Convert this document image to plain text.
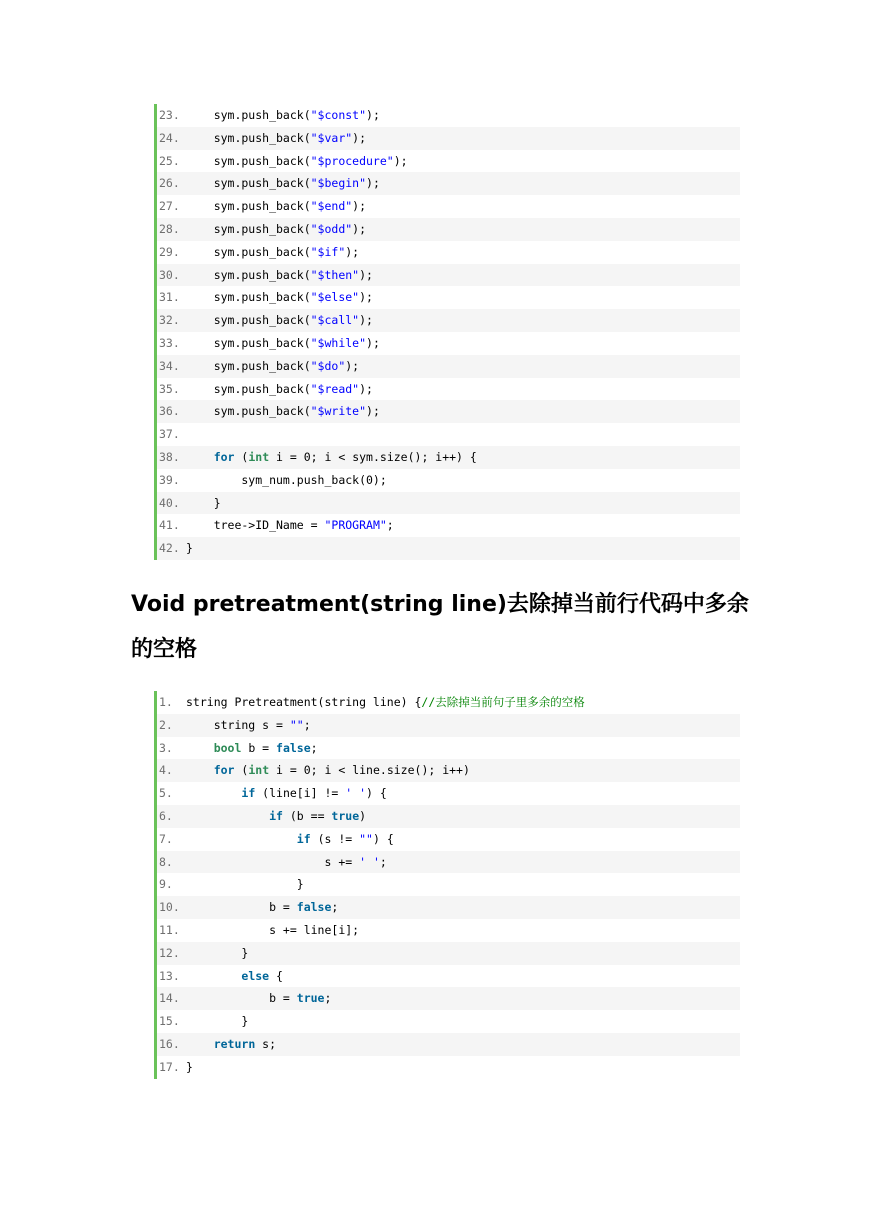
23. sym.push_back("$const");
24. sym.push_back("$var");
25. sym.push_back("$procedure");
26. sym.push_back("$begin");
27. sym.push_back("$end");
28. sym.push_back("$odd");
29. sym.push_back("$if");
30. sym.push_back("$then");
31. sym.push_back("$else");
32. sym.push_back("$call");
33. sym.push_back("$while");
34. sym.push_back("$do");
35. sym.push_back("$read");
36. sym.push_back("$write");
37.
38.	for (int i = 0; i < sym.size(); i++) {
39. sym_num.push_back(0);
40. }
41. tree->ID_Name = "PROGRAM";
42. }
Void pretreatment(string line)去除掉当前行代码中多余的空格
1.	string Pretreatment(string line) {//去除掉当前句子里多余的空格
2.	string s = "";
3.	bool b = false;
4.	for (int i = 0; i < line.size(); i++)
5.	if (line[i] != ' ') {
6.	if (b == true)
7.	if (s != "") {
8.	s += ' ';
9.	}
10. b = false;
11. s += line[i];
12. }
13.	else {
14. b = true;
15. }
16.	return s;
17. }
